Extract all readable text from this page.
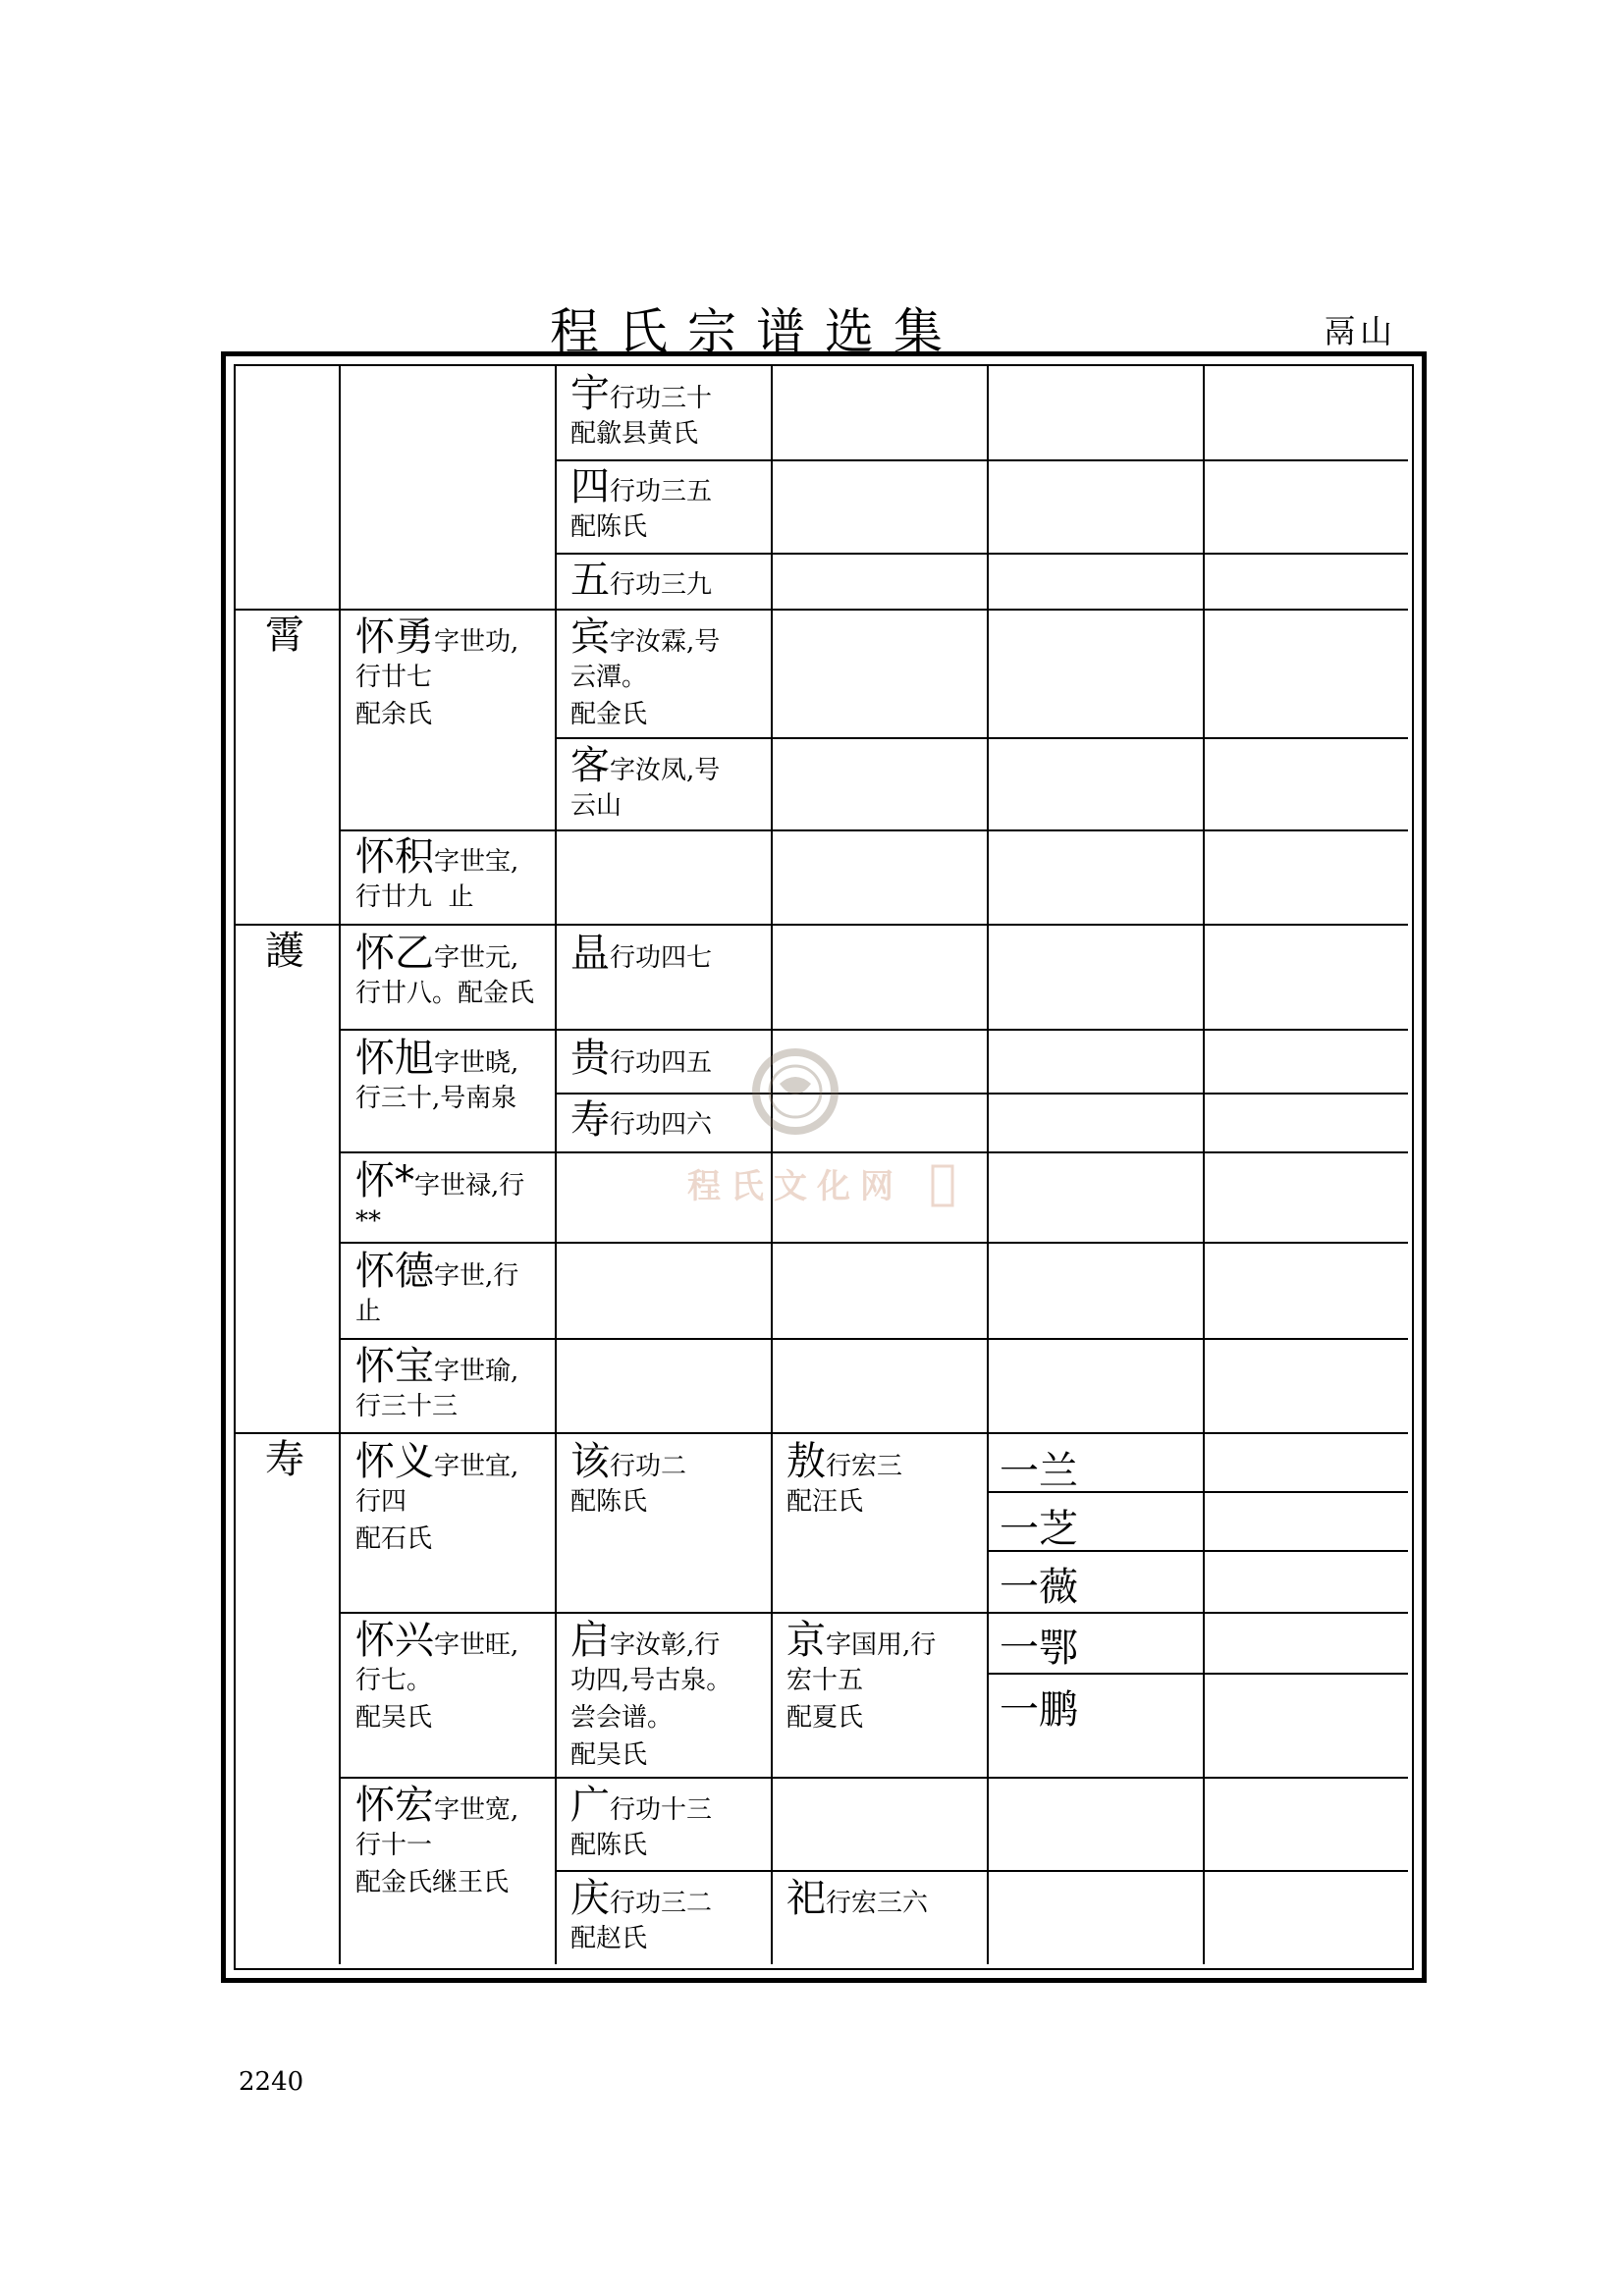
程氏宗谱选集	鬲山
宇行功三十
配歙县黄氏
四行功三五
配陈氏
五行功三九
霄 怀勇字世功,
行廿七
配余氏
宾字汝霖,号
云潭。
配金氏
客字汝凤,号
云山
怀积字世宝,
行廿九  止
護 怀乙字世元,
行廿八。配金氏
昷行功四七
怀旭字世晓,
行三十,号南泉
贵行功四五
寿行功四六
怀*字世禄,行
**
怀德字世,行
止
怀宝字世瑜,
行三十三
寿 怀义字世宜,
行四
配石氏
该行功二
配陈氏
敖行宏三
配汪氏
一兰
一芝
一薇
一鄂
一鹏
怀兴字世旺,
行七。
配吴氏
启字汝彰,行
功四,号古泉。
尝会谱。
配吴氏
京字国用,行
宏十五
配夏氏
怀宏字世宽,
行十一
配金氏继王氏
广行功十三
配陈氏
庆行功三二
配赵氏
祀行宏三六
程氏文化网
2240
